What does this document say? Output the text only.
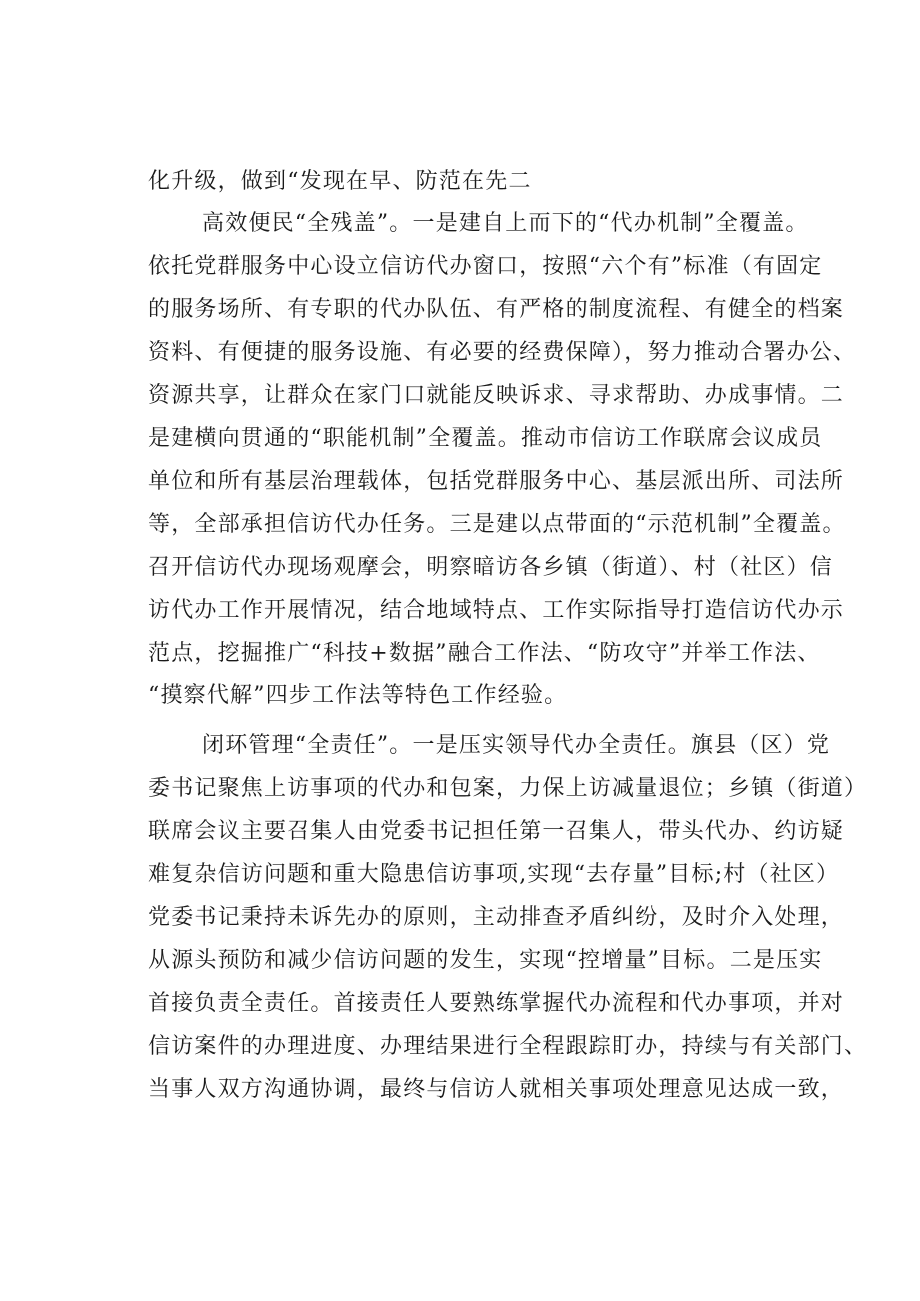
化升级，做到“发现在早、防范在先二
高效便民“全残盖”。一是建自上而下的“代办机制”全覆盖。
依托党群服务中心设立信访代办窗口，按照“六个有”标准（有固定
的服务场所、有专职的代办队伍、有严格的制度流程、有健全的档案
资料、有便捷的服务设施、有必要的经费保障），努力推动合署办公、
资源共享，让群众在家门口就能反映诉求、寻求帮助、办成事情。二
是建横向贯通的“职能机制”全覆盖。推动市信访工作联席会议成员
单位和所有基层治理载体，包括党群服务中心、基层派出所、司法所
等，全部承担信访代办任务。三是建以点带面的“示范机制”全覆盖。
召开信访代办现场观摩会，明察暗访各乡镇（街道）、村（社区）信
访代办工作开展情况，结合地域特点、工作实际指导打造信访代办示
范点，挖掘推广“科技+数据”融合工作法、“防攻守”并举工作法、
“摸察代解”四步工作法等特色工作经验。
闭环管理“全责任”。一是压实领导代办全责任。旗县（区）党
委书记聚焦上访事项的代办和包案，力保上访减量退位；乡镇（街道）
联席会议主要召集人由党委书记担任第一召集人，带头代办、约访疑
难复杂信访问题和重大隐患信访事项,实现“去存量”目标;村（社区）
党委书记秉持未诉先办的原则，主动排查矛盾纠纷，及时介入处理，
从源头预防和减少信访问题的发生，实现“控增量”目标。二是压实
首接负责全责任。首接责任人要熟练掌握代办流程和代办事项，并对
信访案件的办理进度、办理结果进行全程跟踪盯办，持续与有关部门、
当事人双方沟通协调，最终与信访人就相关事项处理意见达成一致，
